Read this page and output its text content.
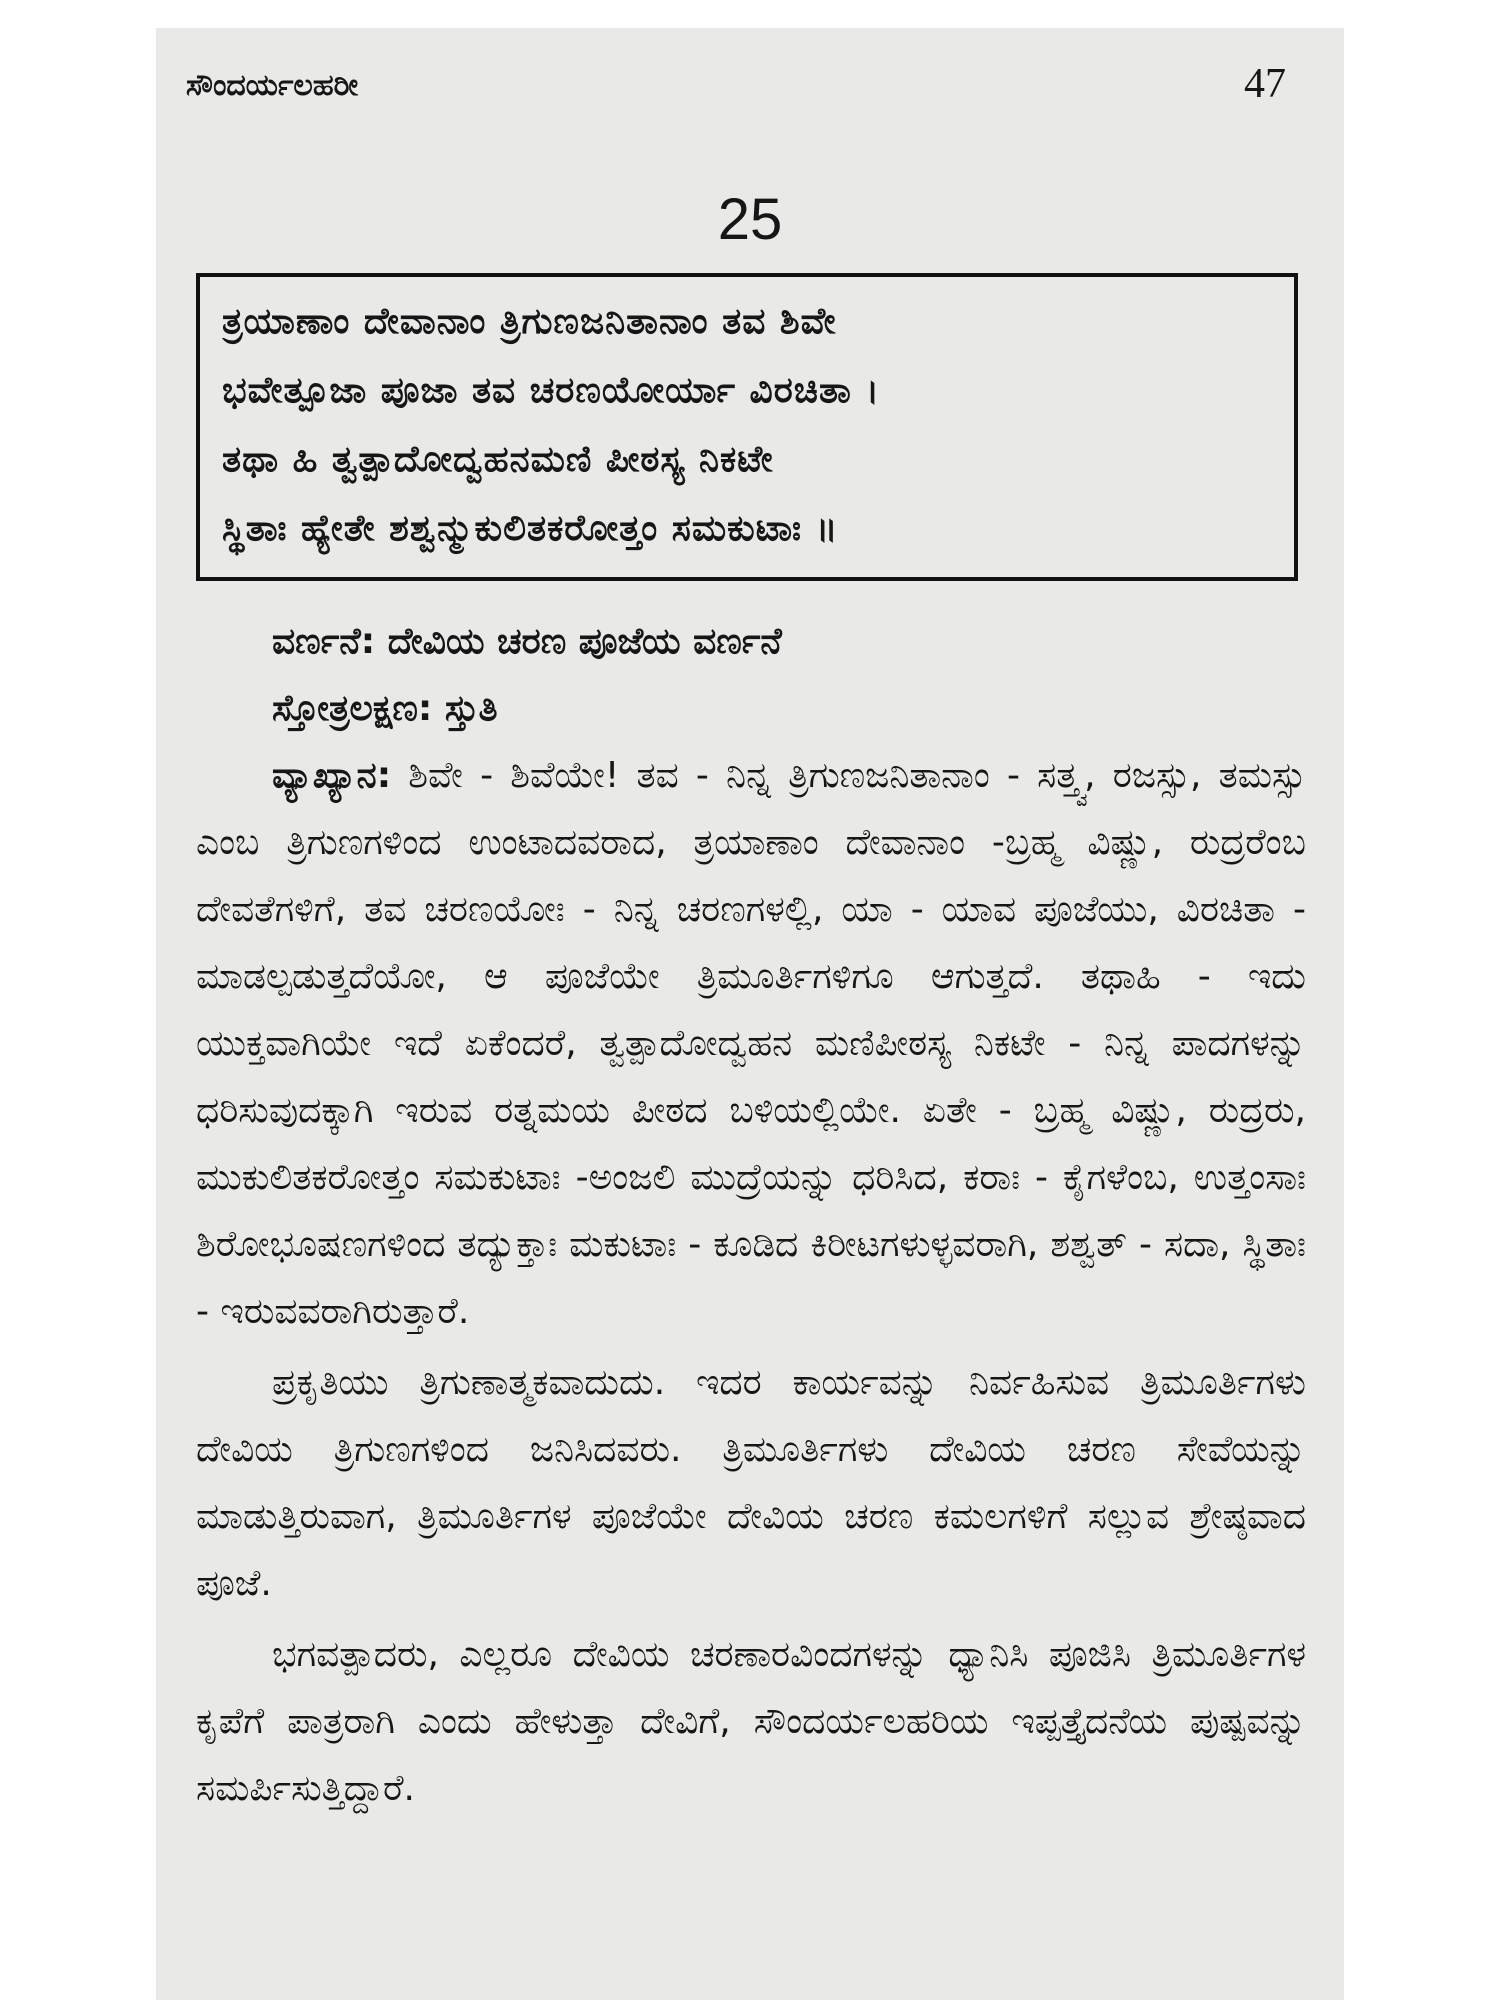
ಸೌಂದರ್ಯಲಹರೀ	47
25
ತ್ರಯಾಣಾಂ ದೇವಾನಾಂ ತ್ರಿಗುಣಜನಿತಾನಾಂ ತವ ಶಿವೇ
ಭವೇತ್ಪೂಜಾ ಪೂಜಾ ತವ ಚರಣಯೋರ್ಯಾ ವಿರಚಿತಾ ।
ತಥಾ ಹಿ ತ್ವತ್ಪಾದೋದ್ವಹನಮಣಿ ಪೀಠಸ್ಯ ನಿಕಟೇ
ಸ್ಥಿತಾಃ ಹ್ಯೇತೇ ಶಶ್ವನ್ಮುಕುಲಿತಕರೋತ್ತಂ ಸಮಕುಟಾಃ ॥
ವರ್ಣನೆ: ದೇವಿಯ ಚರಣ ಪೂಜೆಯ ವರ್ಣನೆ
ಸ್ತೋತ್ರಲಕ್ಷಣ: ಸ್ತುತಿ
ವ್ಯಾಖ್ಯಾನ: ಶಿವೇ - ಶಿವೆಯೇ! ತವ - ನಿನ್ನ ತ್ರಿಗುಣಜನಿತಾನಾಂ - ಸತ್ತ್ವ, ರಜಸ್ಸು, ತಮಸ್ಸು ಎಂಬ ತ್ರಿಗುಣಗಳಿಂದ ಉಂಟಾದವರಾದ, ತ್ರಯಾಣಾಂ ದೇವಾನಾಂ -ಬ್ರಹ್ಮ ವಿಷ್ಣು, ರುದ್ರರೆಂಬ ದೇವತೆಗಳಿಗೆ, ತವ ಚರಣಯೋಃ - ನಿನ್ನ ಚರಣಗಳಲ್ಲಿ, ಯಾ - ಯಾವ ಪೂಜೆಯು, ವಿರಚಿತಾ - ಮಾಡಲ್ಪಡುತ್ತದೆಯೋ, ಆ ಪೂಜೆಯೇ ತ್ರಿಮೂರ್ತಿಗಳಿಗೂ ಆಗುತ್ತದೆ. ತಥಾಹಿ - ಇದು ಯುಕ್ತವಾಗಿಯೇ ಇದೆ ಏಕೆಂದರೆ, ತ್ವತ್ಪಾದೋದ್ವಹನ ಮಣಿಪೀಠಸ್ಯ ನಿಕಟೇ - ನಿನ್ನ ಪಾದಗಳನ್ನು ಧರಿಸುವುದಕ್ಕಾಗಿ ಇರುವ ರತ್ನಮಯ ಪೀಠದ ಬಳಿಯಲ್ಲಿಯೇ. ಏತೇ - ಬ್ರಹ್ಮ ವಿಷ್ಣು, ರುದ್ರರು, ಮುಕುಲಿತಕರೋತ್ತಂ ಸಮಕುಟಾಃ -ಅಂಜಲಿ ಮುದ್ರೆಯನ್ನು ಧರಿಸಿದ, ಕರಾಃ - ಕೈಗಳೆಂಬ, ಉತ್ತಂಸಾಃ ಶಿರೋಭೂಷಣಗಳಿಂದ ತದ್ಯುಕ್ತಾಃ ಮಕುಟಾಃ - ಕೂಡಿದ ಕಿರೀಟಗಳುಳ್ಳವರಾಗಿ, ಶಶ್ವತ್ - ಸದಾ, ಸ್ಥಿತಾಃ - ಇರುವವರಾಗಿರುತ್ತಾರೆ.
ಪ್ರಕೃತಿಯು ತ್ರಿಗುಣಾತ್ಮಕವಾದುದು. ಇದರ ಕಾರ್ಯವನ್ನು ನಿರ್ವಹಿಸುವ ತ್ರಿಮೂರ್ತಿಗಳು ದೇವಿಯ ತ್ರಿಗುಣಗಳಿಂದ ಜನಿಸಿದವರು. ತ್ರಿಮೂರ್ತಿಗಳು ದೇವಿಯ ಚರಣ ಸೇವೆಯನ್ನು ಮಾಡುತ್ತಿರುವಾಗ, ತ್ರಿಮೂರ್ತಿಗಳ ಪೂಜೆಯೇ ದೇವಿಯ ಚರಣ ಕಮಲಗಳಿಗೆ ಸಲ್ಲುವ ಶ್ರೇಷ್ಠವಾದ ಪೂಜೆ.
ಭಗವತ್ಪಾದರು, ಎಲ್ಲರೂ ದೇವಿಯ ಚರಣಾರವಿಂದಗಳನ್ನು ಧ್ಯಾನಿಸಿ ಪೂಜಿಸಿ ತ್ರಿಮೂರ್ತಿಗಳ ಕೃಪೆಗೆ ಪಾತ್ರರಾಗಿ ಎಂದು ಹೇಳುತ್ತಾ ದೇವಿಗೆ, ಸೌಂದರ್ಯಲಹರಿಯ ಇಪ್ಪತ್ತೈದನೆಯ ಪುಷ್ಪವನ್ನು ಸಮರ್ಪಿಸುತ್ತಿದ್ದಾರೆ.
